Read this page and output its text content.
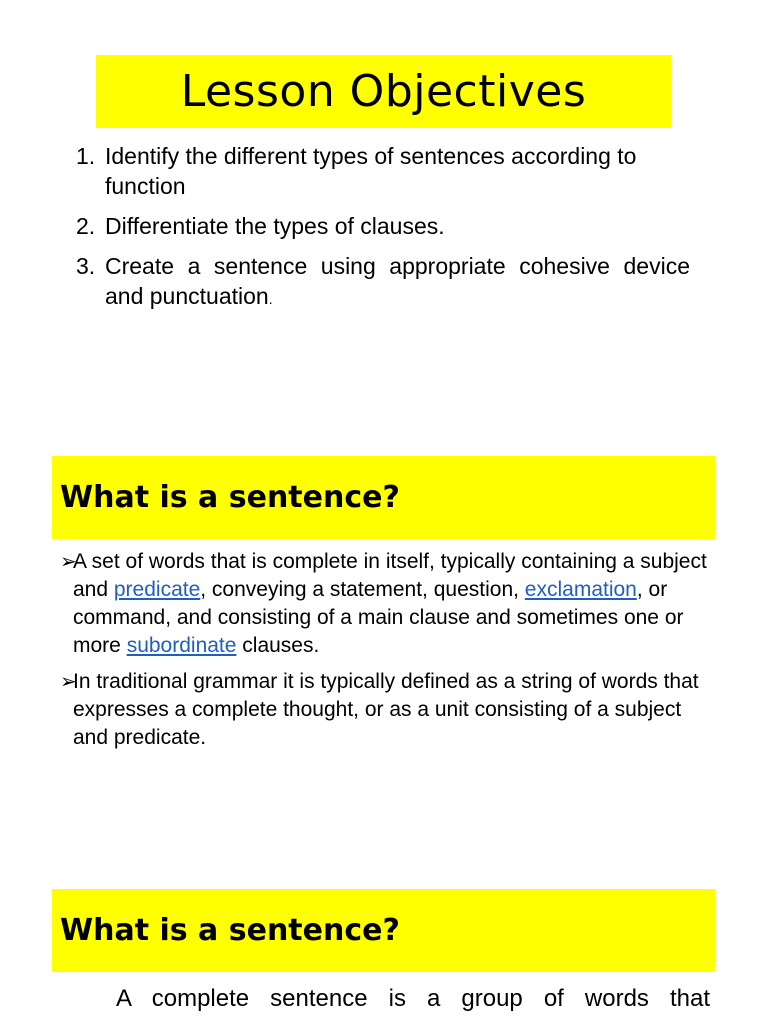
Lesson Objectives
1. Identify the different types of sentences according to function
2. Differentiate the types of clauses.
3. Create a sentence using appropriate cohesive device and punctuation.
What is a sentence?
➢
A set of words that is complete in itself, typically containing a subject and predicate, conveying a statement, question, exclamation, or command, and consisting of a main clause and sometimes one or more subordinate clauses.
➢
In traditional grammar it is typically defined as a string of words that expresses a complete thought, or as a unit consisting of a subject and predicate.
What is a sentence?
A complete sentence is a group of words that
